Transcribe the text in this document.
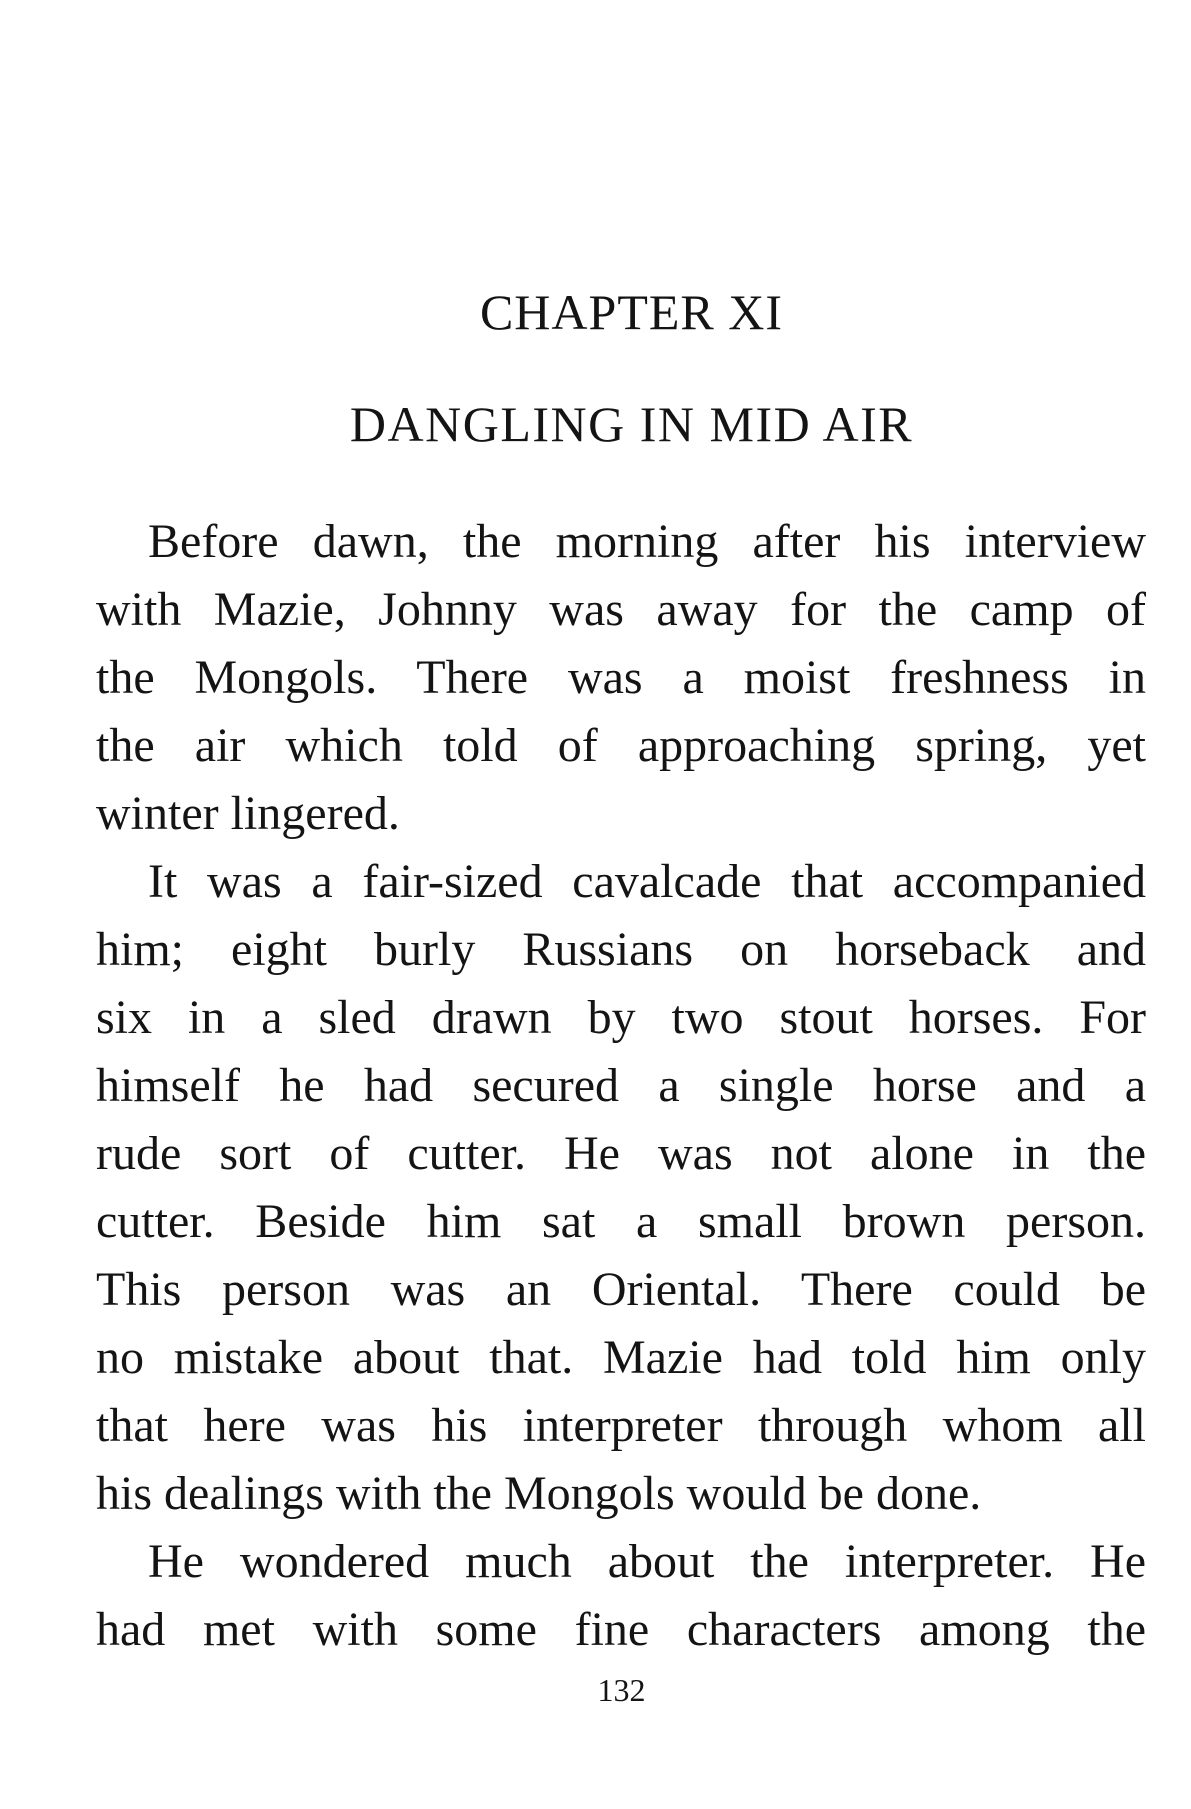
CHAPTER XI
DANGLING IN MID AIR
Before dawn, the morning after his interview
with Mazie, Johnny was away for the camp of
the Mongols. There was a moist freshness in
the air which told of approaching spring, yet
winter lingered.
It was a fair-sized cavalcade that accompanied
him; eight burly Russians on horseback and
six in a sled drawn by two stout horses. For
himself he had secured a single horse and a
rude sort of cutter. He was not alone in the
cutter. Beside him sat a small brown person.
This person was an Oriental. There could be
no mistake about that. Mazie had told him only
that here was his interpreter through whom all
his dealings with the Mongols would be done.
He wondered much about the interpreter. He
had met with some fine characters among the
132
